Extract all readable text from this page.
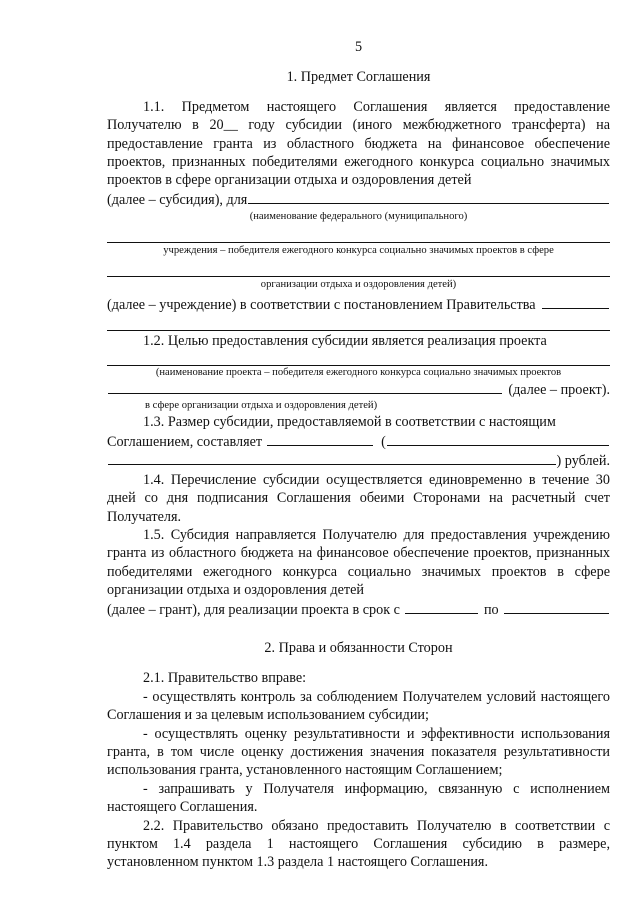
5
1. Предмет Соглашения

1.1. Предметом настоящего Соглашения является предоставление Получателю в 20__ году субсидии (иного межбюджетного трансферта) на предоставление гранта из областного бюджета на финансовое обеспечение проектов, признанных победителями ежегодного конкурса социально значимых проектов в сфере организации отдыха и оздоровления детей

(далее – субсидия), для
(наименование федерального (муниципального)
учреждения – победителя ежегодного конкурса социально значимых проектов в сфере
организации отдыха и оздоровления детей)
(далее – учреждение) в соответствии с постановлением Правительства

1.2. Целью предоставления субсидии является реализация проекта

(наименование проекта – победителя ежегодного конкурса социально значимых проектов
(далее – проект).
в сфере организации отдыха и оздоровления детей)

1.3. Размер субсидии, предоставляемой в соответствии с настоящим

Соглашением, составляет	(
) рублей.

1.4. Перечисление субсидии осуществляется единовременно в течение 30 дней со дня подписания Соглашения обеими Сторонами на расчетный счет Получателя.

1.5. Субсидия направляется Получателю для предоставления учреждению гранта из областного бюджета на финансовое обеспечение проектов, признанных победителями ежегодного конкурса социально значимых проектов в сфере организации отдыха и оздоровления детей

(далее – грант), для реализации проекта в срок с	по
2. Права и обязанности Сторон

2.1. Правительство вправе:

- осуществлять контроль за соблюдением Получателем условий настоящего Соглашения и за целевым использованием субсидии;

- осуществлять оценку результативности и эффективности использования гранта, в том числе оценку достижения значения показателя результативности использования гранта, установленного настоящим Соглашением;

- запрашивать у Получателя информацию, связанную с исполнением настоящего Соглашения.

2.2. Правительство обязано предоставить Получателю в соответствии с пунктом 1.4 раздела 1 настоящего Соглашения субсидию в размере, установленном пунктом 1.3 раздела 1 настоящего Соглашения.
